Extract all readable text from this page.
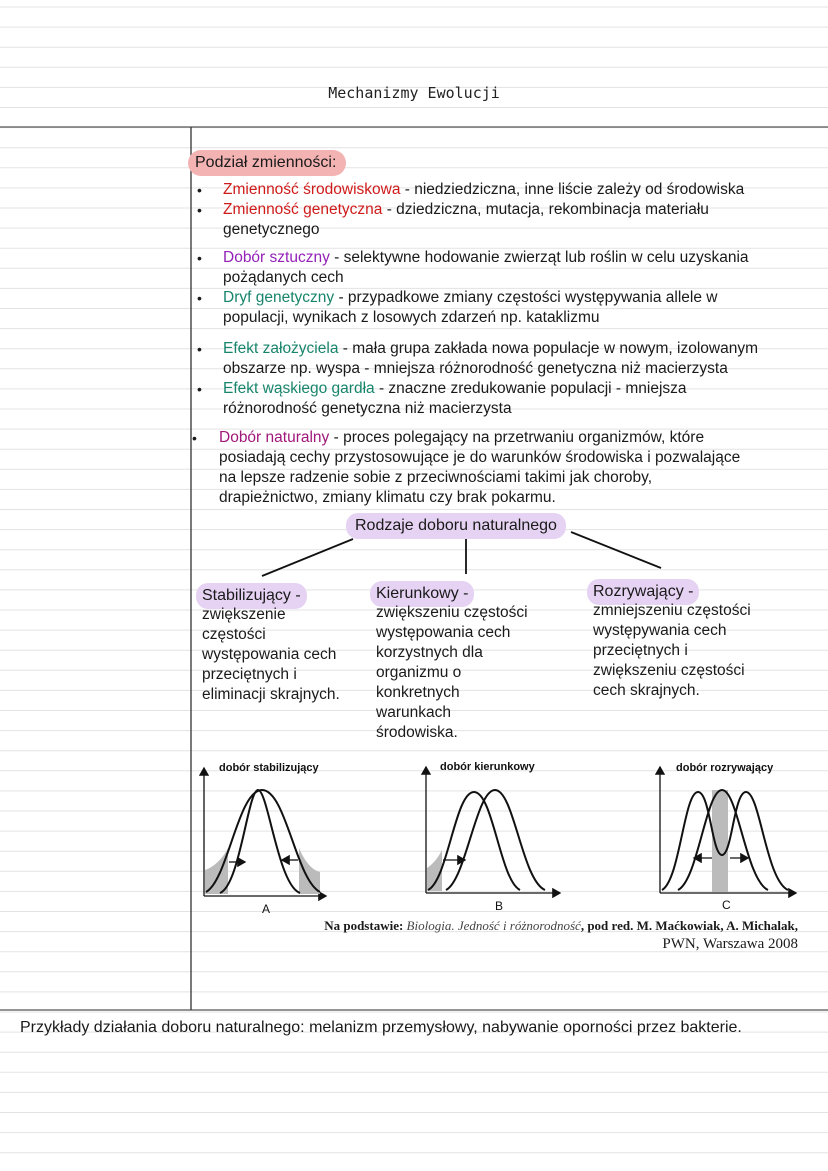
Mechanizmy Ewolucji
Podział zmienności:
•
•
•
•
•
•
•
Zmienność środowiskowa - niedziedziczna, inne liście zależy od środowiska
Zmienność genetyczna - dziedziczna, mutacja, rekombinacja materiału
genetycznego
Dobór sztuczny - selektywne hodowanie zwierząt lub roślin w celu uzyskania
pożądanych cech
Dryf genetyczny - przypadkowe zmiany częstości występywania allele w
populacji, wynikach z losowych zdarzeń np. kataklizmu
Efekt założyciela - mała grupa zakłada nowa populacje w nowym, izolowanym
obszarze np. wyspa - mniejsza różnorodność genetyczna niż macierzysta
Efekt wąskiego gardła - znaczne zredukowanie populacji - mniejsza
różnorodność genetyczna niż macierzysta
Dobór naturalny - proces polegający na przetrwaniu organizmów, które
posiadają cechy przystosowujące je do warunków środowiska i pozwalające
na lepsze radzenie sobie z przeciwnościami takimi jak choroby,
drapieżnictwo, zmiany klimatu czy brak pokarmu.
Rodzaje doboru naturalnego
Stabilizujący -
zwiększenie
częstości
występowania cech
przeciętnych i
eliminacji skrajnych.
Kierunkowy -
zwiększeniu częstości
występowania cech
korzystnych dla
organizmu o
konkretnych
warunkach
środowiska.
Rozrywający -
zmniejszeniu częstości
występywania cech
przeciętnych i
zwiększeniu częstości
cech skrajnych.
dobór stabilizujący
A
dobór kierunkowy
B
dobór rozrywający
C
Na podstawie: Biologia. Jedność i różnorodność, pod red. M. Maćkowiak, A. Michalak,
PWN, Warszawa 2008
Przykłady działania doboru naturalnego: melanizm przemysłowy, nabywanie oporności przez bakterie.
